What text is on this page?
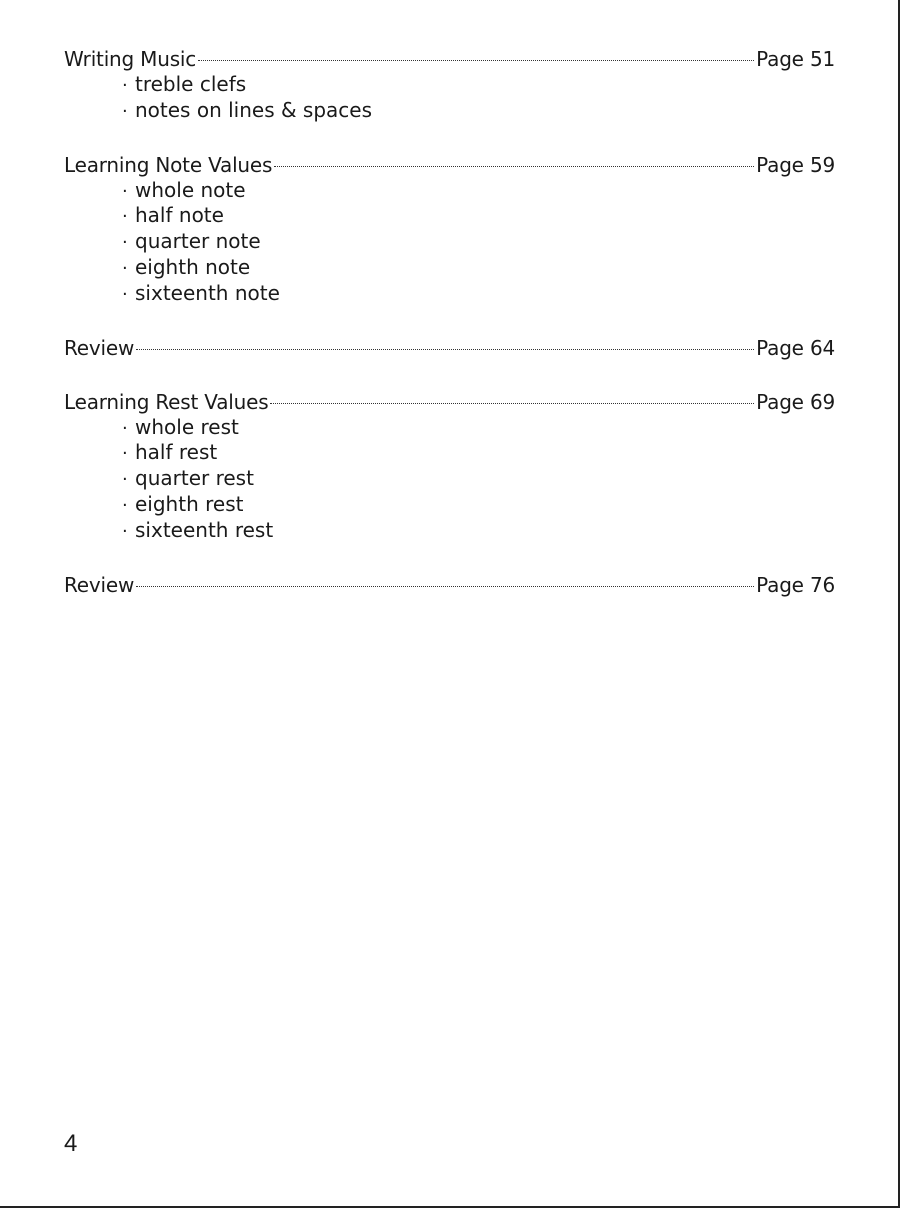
Writing Music	Page 51
· treble clefs
· notes on lines & spaces
Learning Note Values	Page 59
· whole note
· half note
· quarter note
· eighth note
· sixteenth note
Review	Page 64
Learning Rest Values	Page 69
· whole rest
· half rest
· quarter rest
· eighth rest
· sixteenth rest
Review	Page 76
4
